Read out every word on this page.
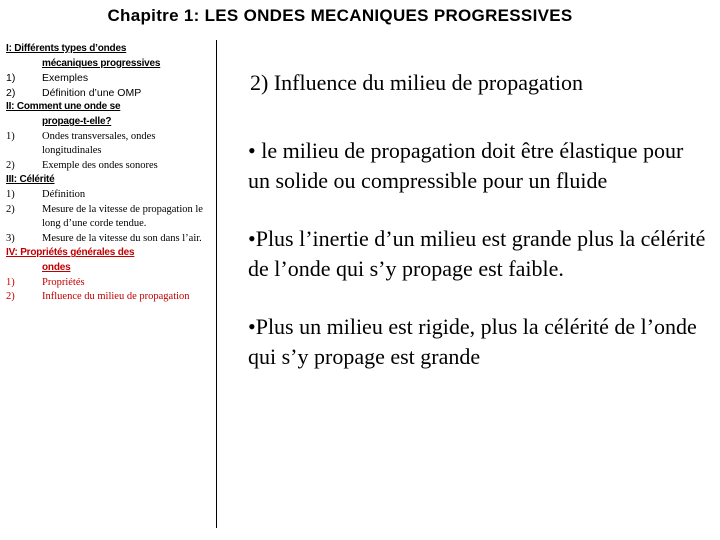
Chapitre 1: LES ONDES MECANIQUES PROGRESSIVES
I: Différents types d’ondes
mécaniques progressives
1)	Exemples
2)	Définition d’une OMP
II: Comment une onde se
propage-t-elle?
1)	Ondes transversales, ondes longitudinales
2)	Exemple des ondes sonores
III: Célérité
1)	Définition
2)	Mesure de la vitesse de propagation le long d’une corde tendue.
3)	Mesure de la vitesse du son dans l’air.
IV: Propriétés générales des
ondes
1)	Propriétés
2)	Influence du milieu de propagation
2) Influence du milieu de propagation
• le milieu de propagation doit être élastique pour un solide ou compressible pour un fluide
•Plus l’inertie d’un milieu est grande plus la célérité de l’onde qui s’y propage est faible.
•Plus un milieu est rigide, plus la célérité de l’onde qui s’y propage est grande
